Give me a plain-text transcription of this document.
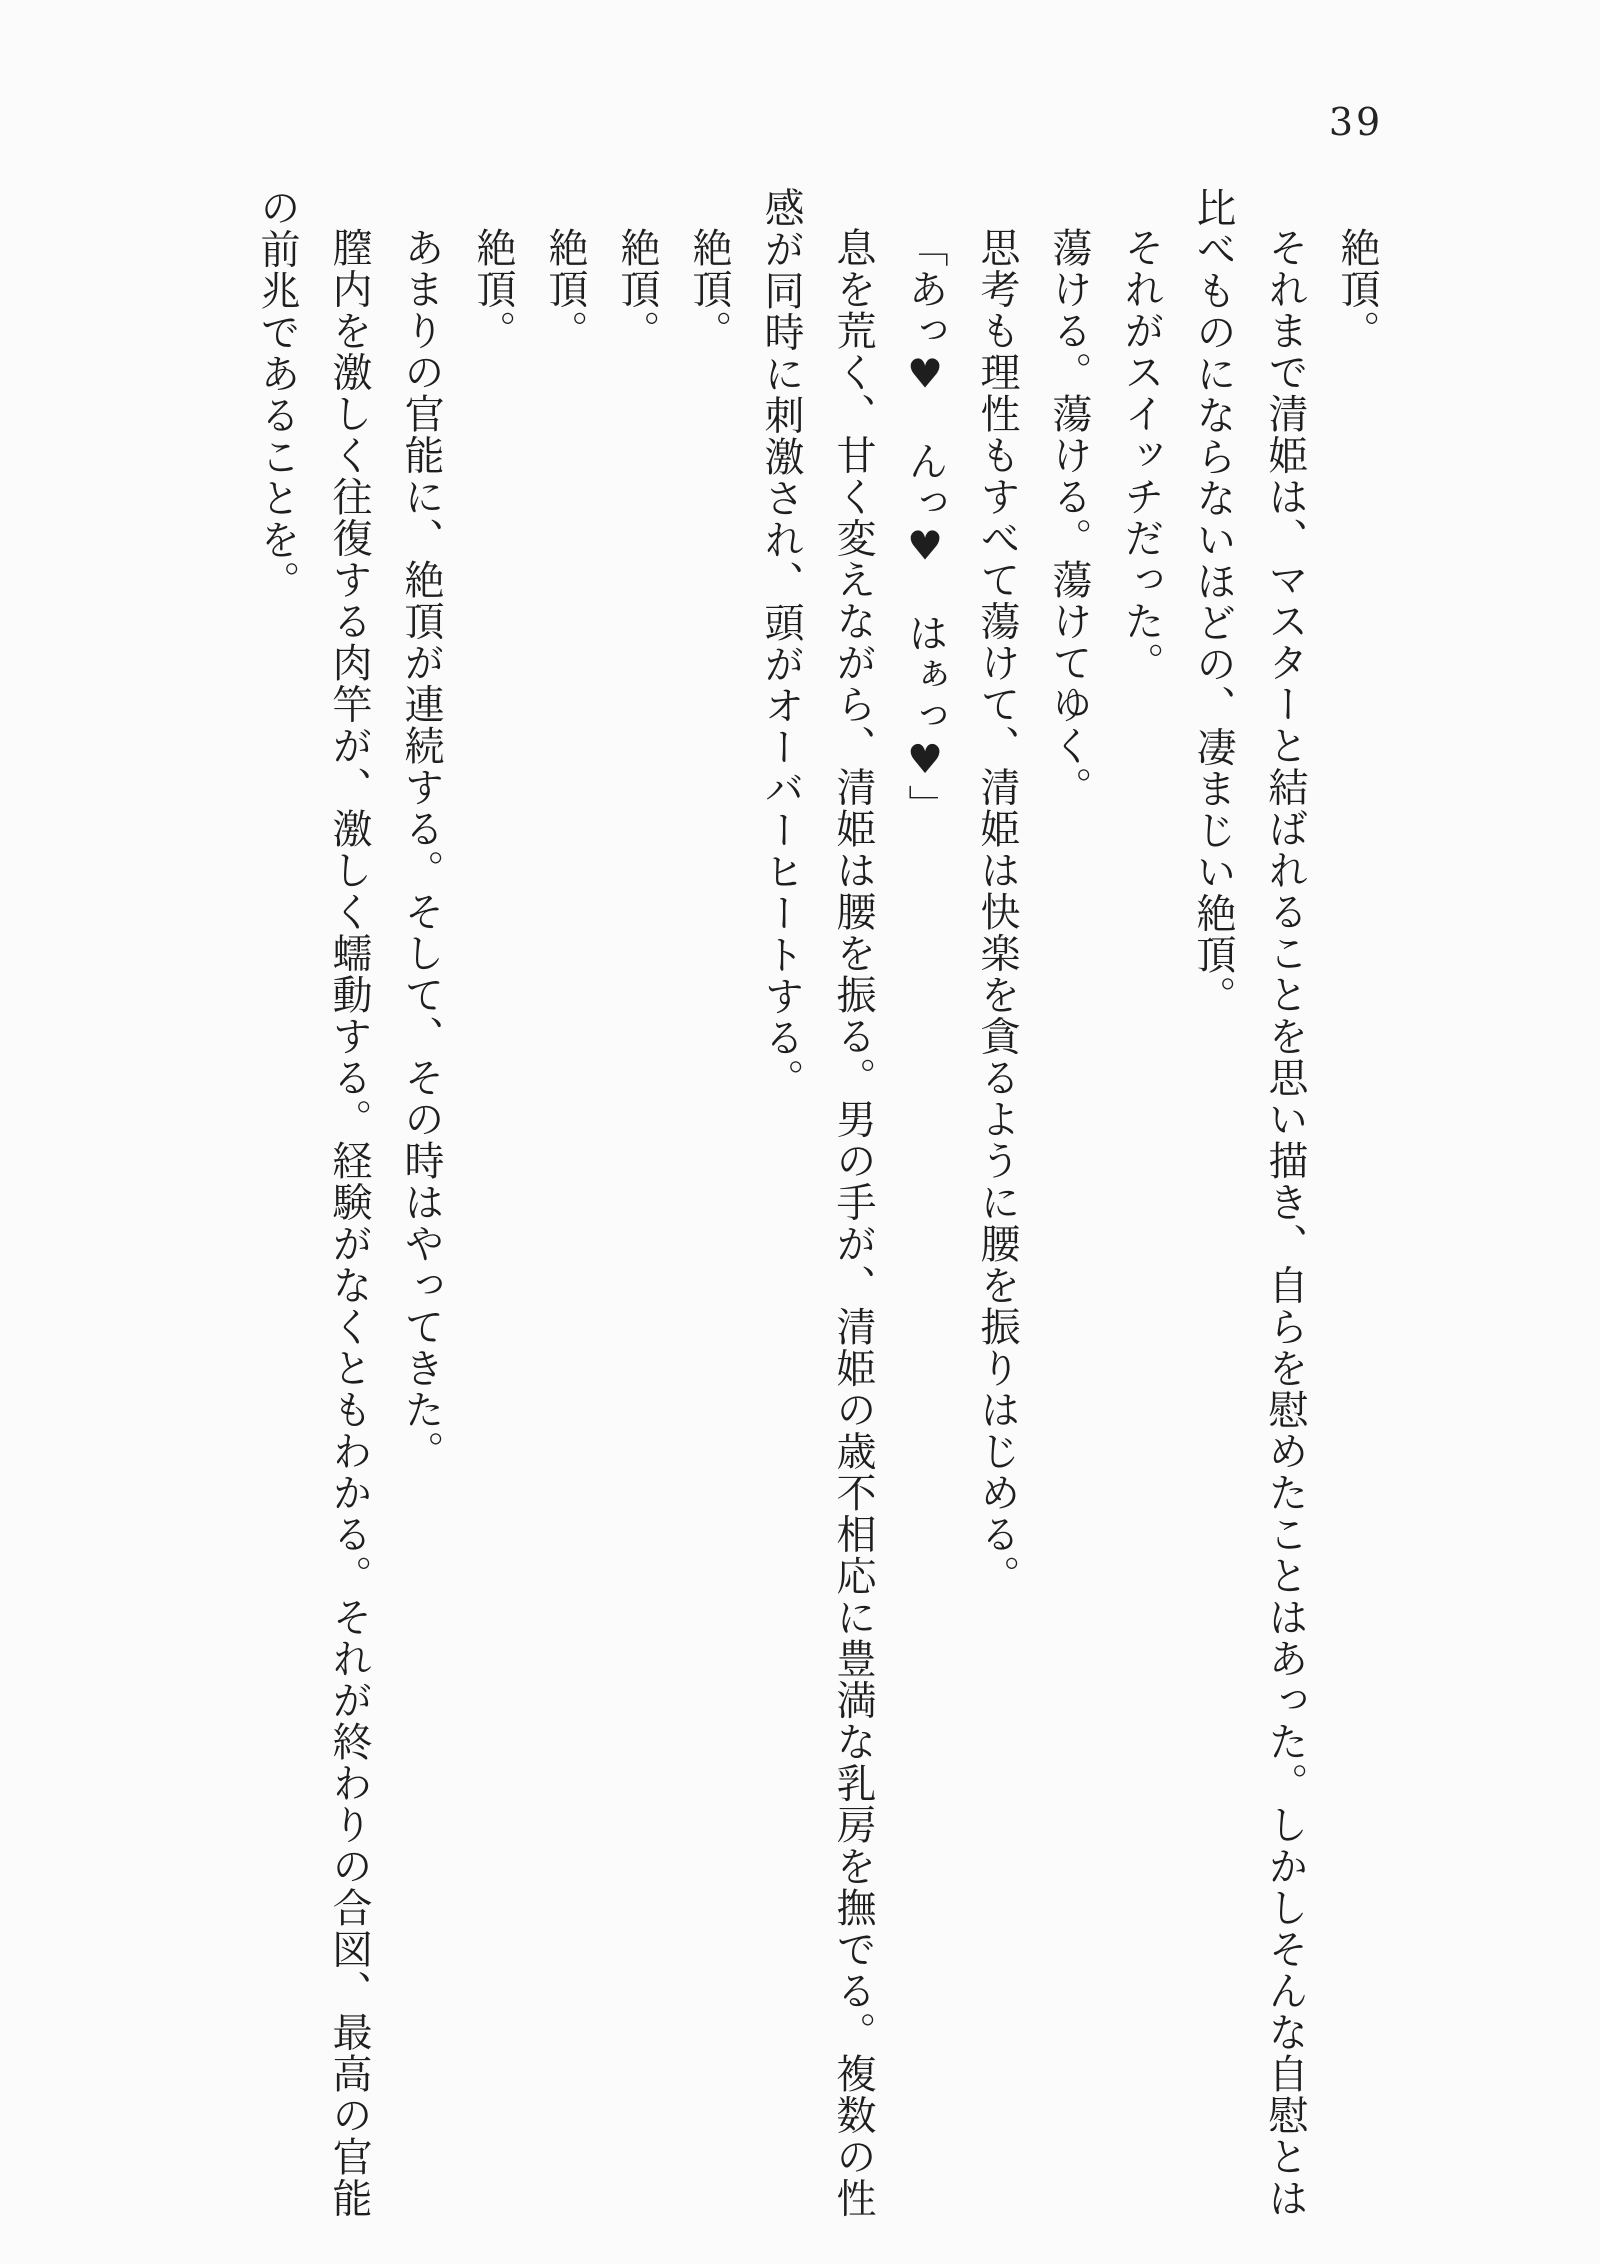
39

絶頂。

それまで清姫は、マスターと結ばれることを思い描き、自らを慰めたことはあった。しかしそんな自慰とは

比べものにならないほどの、凄まじい絶頂。

それがスイッチだった。

蕩ける。蕩ける。蕩けてゆく。

思考も理性もすべて蕩けて、清姫は快楽を貪るように腰を振りはじめる。

「あっ♥　んっ♥　はぁっ♥」

息を荒く、甘く変えながら、清姫は腰を振る。男の手が、清姫の歳不相応に豊満な乳房を撫でる。複数の性

感が同時に刺激され、頭がオーバーヒートする。

絶頂。

絶頂。

絶頂。

絶頂。

あまりの官能に、絶頂が連続する。そして、その時はやってきた。

膣内を激しく往復する肉竿が、激しく蠕動する。経験がなくともわかる。それが終わりの合図、最高の官能

の前兆であることを。
